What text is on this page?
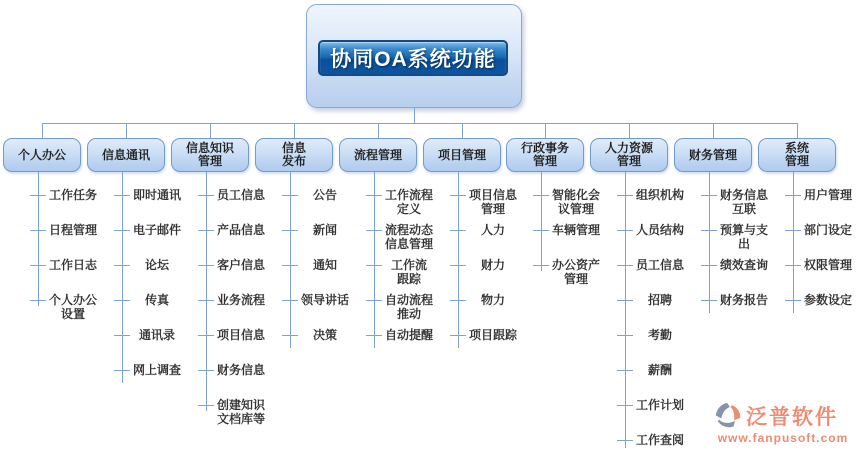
协同OA系统功能
个人办公
工作任务
日程管理
工作日志
个人办公
设置
信息通讯
即时通讯
电子邮件
论坛
传真
通讯录
网上调查
信息知识
管理
员工信息
产品信息
客户信息
业务流程
项目信息
财务信息
创建知识
文档库等
信息
发布
公告
新闻
通知
领导讲话
决策
流程管理
工作流程
定义
流程动态
信息管理
工作流
跟踪
自动流程
推动
自动提醒
项目管理
项目信息
管理
人力
财力
物力
项目跟踪
行政事务
管理
智能化会
议管理
车辆管理
办公资产
管理
人力资源
管理
组织机构
人员结构
员工信息
招聘
考勤
薪酬
工作计划
工作查阅
财务管理
财务信息
互联
预算与支
出
绩效查询
财务报告
系统
管理
用户管理
部门设定
权限管理
参数设定
泛普软件
www.fanpusoft.com
